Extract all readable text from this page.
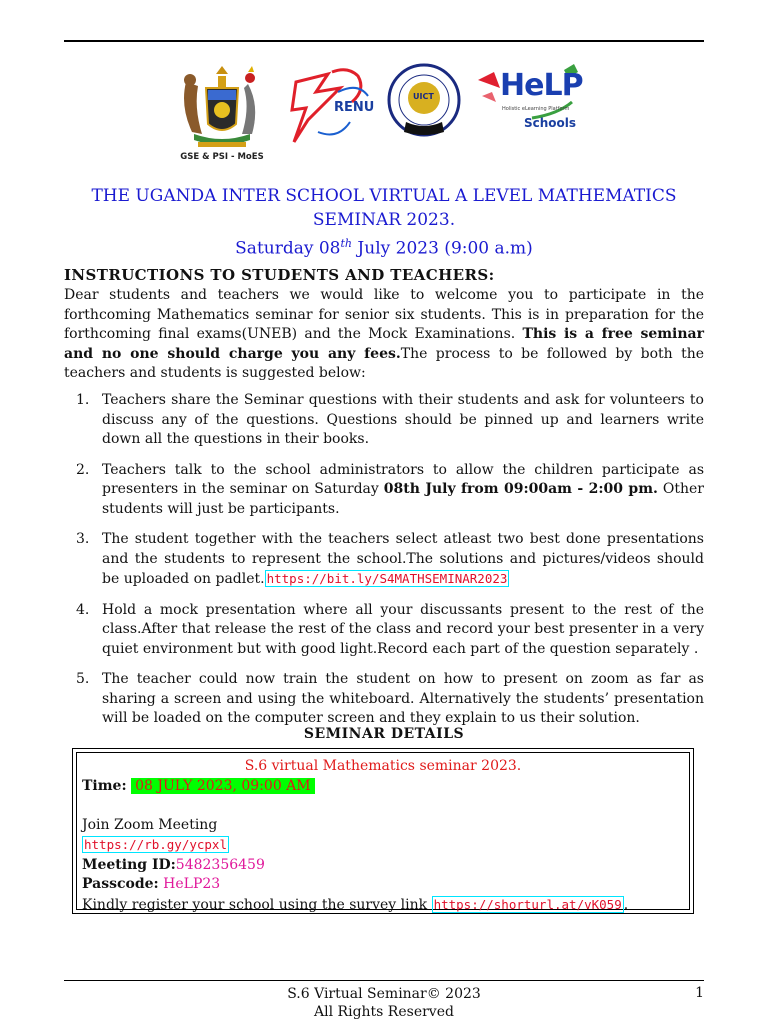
GSE & PSI - MoES
RENU
UICT HeLP
Holistic eLearning Platform
Schools
THE UGANDA INTER SCHOOL VIRTUAL A LEVEL MATHEMATICS
SEMINAR 2023.
Saturday 08th July 2023 (9:00 a.m)
INSTRUCTIONS TO STUDENTS AND TEACHERS:
Dear students and teachers we would like to welcome you to participate in the forthcoming Mathematics seminar for senior six students. This is in preparation for the forthcoming final exams(UNEB) and the Mock Examinations. This is a free seminar and no one should charge you any fees.The process to be followed by both the teachers and students is suggested below:
1. Teachers share the Seminar questions with their students and ask for volunteers to discuss any of the questions. Questions should be pinned up and learners write down all the questions in their books.
2. Teachers talk to the school administrators to allow the children participate as presenters in the seminar on Saturday 08th July from 09:00am - 2:00 pm. Other students will just be participants.
3. The student together with the teachers select atleast two best done presentations and the students to represent the school.The solutions and pictures/videos should be uploaded on padlet. https://bit.ly/S4MATHSEMINAR2023
4. Hold a mock presentation where all your discussants present to the rest of the class.After that release the rest of the class and record your best presenter in a very quiet environment but with good light.Record each part of the question separately .
5. The teacher could now train the student on how to present on zoom as far as sharing a screen and using the whiteboard. Alternatively the students’ presentation will be loaded on the computer screen and they explain to us their solution.
SEMINAR DETAILS
S.6 virtual Mathematics seminar 2023.
Time: 08 JULY 2023, 09:00 AM
Join Zoom Meeting
https://rb.gy/ycpxl
Meeting ID:5482356459
Passcode: HeLP23
Kindly register your school using the survey link https://shorturl.at/vK059 .
S.6 Virtual Seminar© 2023
All Rights Reserved
1
